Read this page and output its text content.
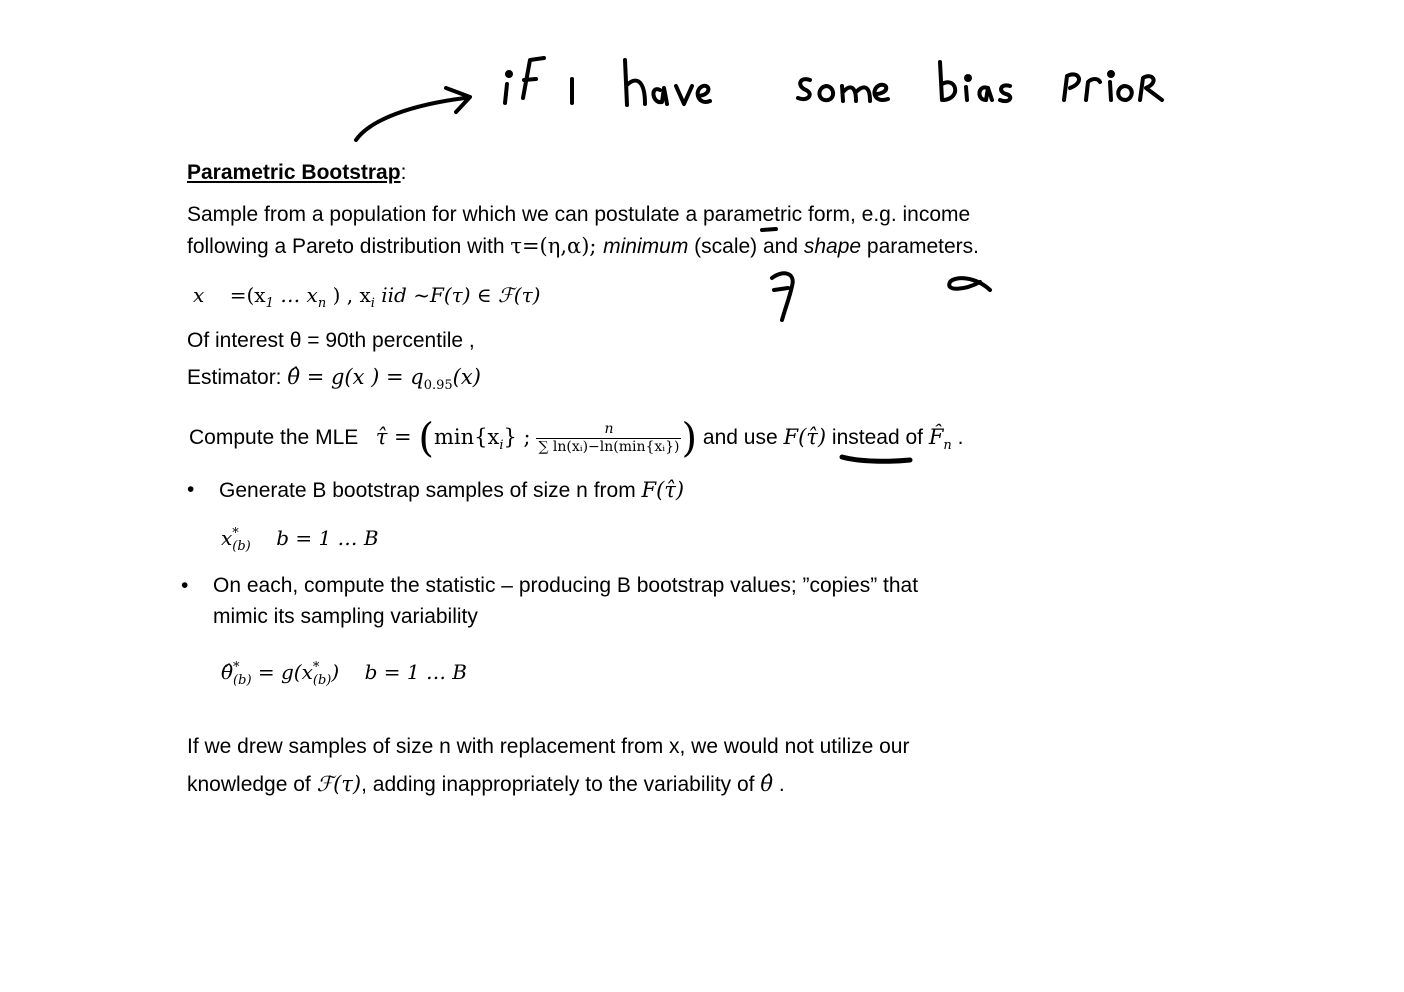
Parametric Bootstrap:
Sample from a population for which we can postulate a parametric form, e.g. income
following a Pareto distribution with τ=(η,α); minimum (scale) and shape parameters.
$x =(x_1$ … $x_n$ ) , $x_i$ iid ~F(τ) ∈ ℱ(τ)
Of interest θ = 90th percentile ,
Estimator: θ̂ = g(x ) = $q_{0.95}(x)$
Compute the MLE   τ̂ = ($\min\{x_i\}$ ; $\frac{n}{\text{∑ ln(xᵢ)−ln(min\{xᵢ\})}}$ ) and use F(τ̂) instead of $F̂_n$ .
• Generate B bootstrap samples of size n from F(τ̂)
x *
(b) b = 1 … B
• On each, compute the statistic – producing B bootstrap values; ”copies” that
mimic its sampling variability
θ̂ *
(b) = g(x *
(b) ) b = 1 … B
If we drew samples of size n with replacement from x, we would not utilize our
knowledge of ℱ(τ), adding inappropriately to the variability of θ̂ .
